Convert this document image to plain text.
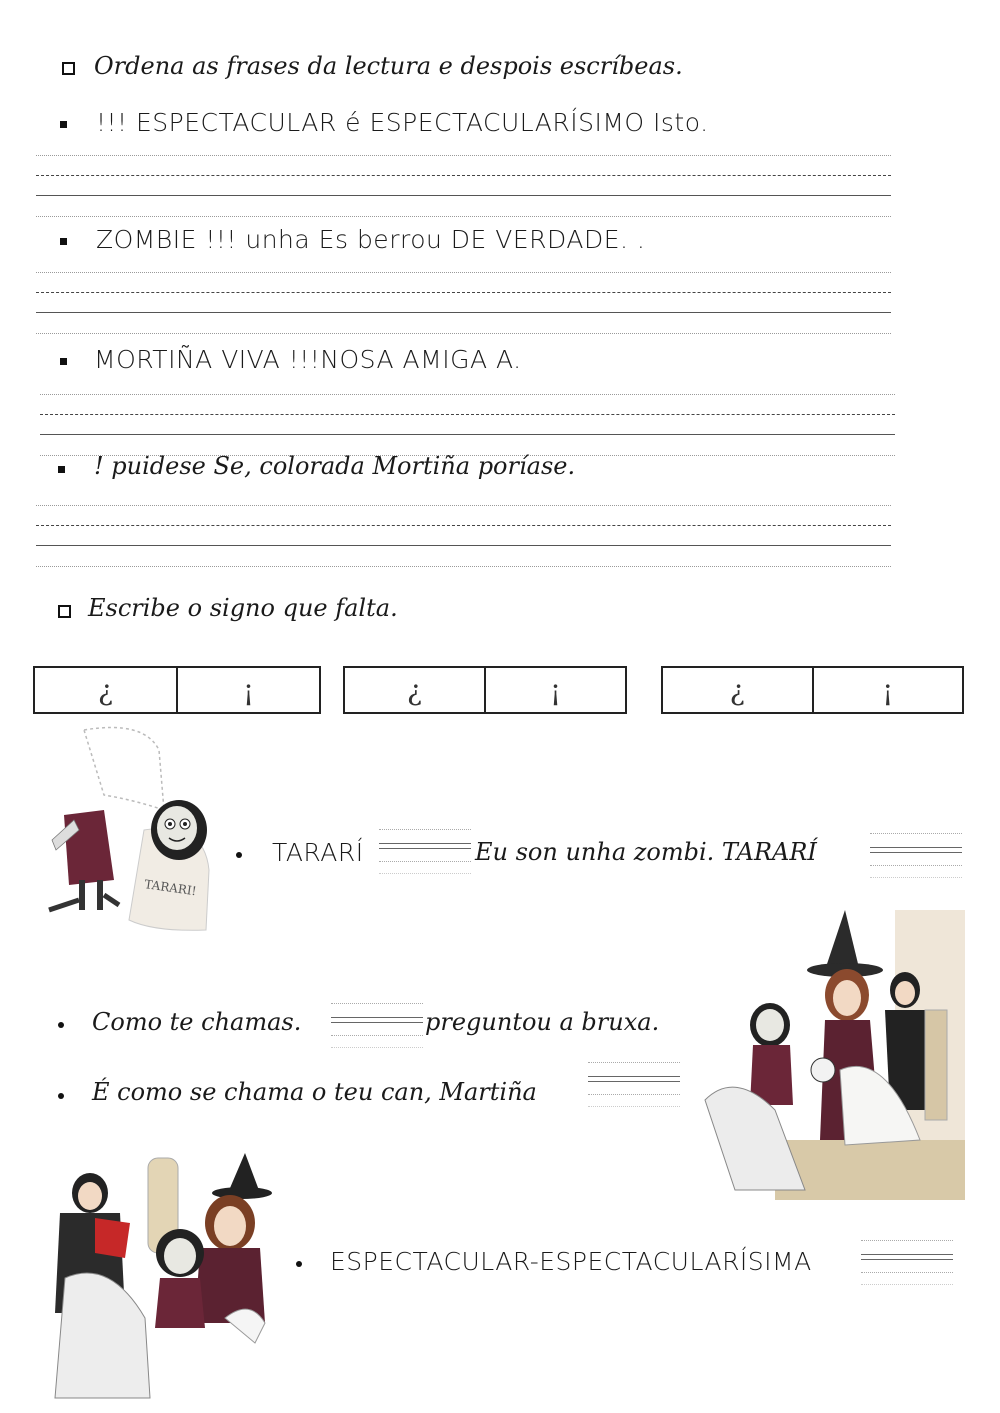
Ordena as frases da lectura e despois escríbeas.
!!! ESPECTACULAR é ESPECTACULARÍSIMO Isto.
ZOMBIE !!! unha Es berrou DE VERDADE. .
MORTIÑA VIVA !!!NOSA AMIGA A.
! puidese Se, colorada Mortiña poríase.
Escribe o signo que falta.
¿	¡	¿	¡	¿	¡
TARARI!
TARARÍ	Eu son unha zombi. TARARÍ
Como te chamas.	preguntou a bruxa.
É como se chama o teu can, Martiña
ESPECTACULAR-ESPECTACULARÍSIMA
